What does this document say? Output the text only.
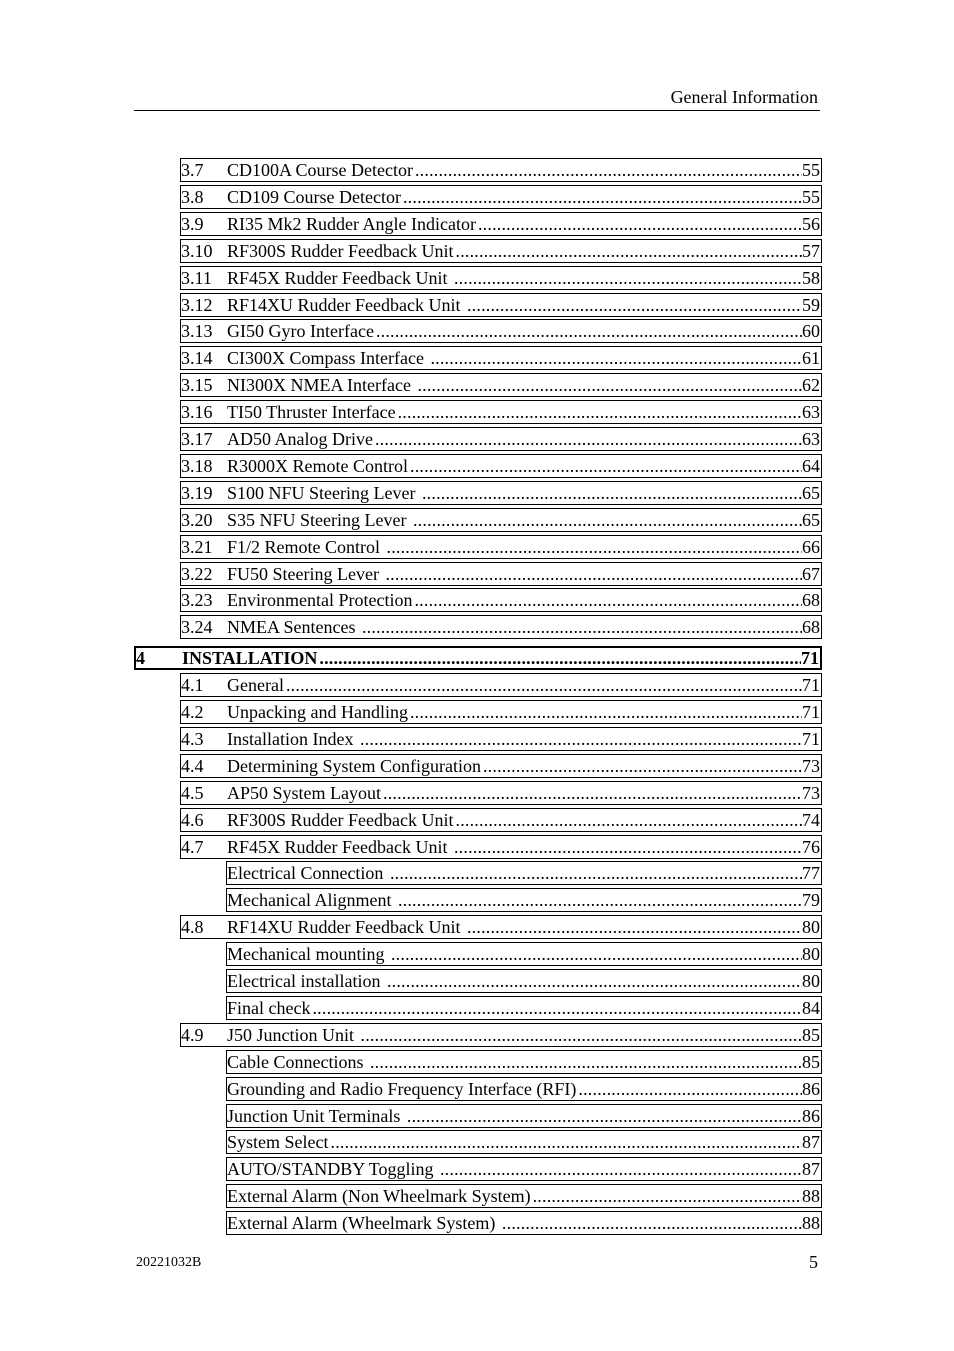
General Information
3.7	CD100A Course Detector .....	55
3.8	CD109 Course Detector .....	55
3.9	RI35 Mk2 Rudder Angle Indicator .....	56
3.10 RF300S Rudder Feedback Unit .....	57
3.11 RF45X Rudder Feedback Unit .....	58
3.12 RF14XU Rudder Feedback Unit .....	59
3.13 GI50 Gyro Interface .....	60
3.14 CI300X Compass Interface .....	61
3.15 NI300X NMEA Interface .....	62
3.16 TI50 Thruster Interface .....	63
3.17 AD50 Analog Drive .....	63
3.18 R3000X Remote Control .....	64
3.19 S100 NFU Steering Lever .....	65
3.20 S35 NFU Steering Lever .....	65
3.21 F1/2 Remote Control .....	66
3.22 FU50 Steering Lever .....	67
3.23 Environmental Protection .....	68
3.24 NMEA Sentences .....	68
4	INSTALLATION .....	71
4.1	General .....	71
4.2	Unpacking and Handling .....	71
4.3	Installation Index .....	71
4.4	Determining System Configuration .....	73
4.5	AP50 System Layout .....	73
4.6	RF300S Rudder Feedback Unit .....	74
4.7	RF45X Rudder Feedback Unit .....	76
Electrical Connection .....	77
Mechanical Alignment .....	79
4.8	RF14XU Rudder Feedback Unit .....	80
Mechanical mounting .....	80
Electrical installation .....	80
Final check .....	84
4.9	J50 Junction Unit .....	85
Cable Connections .....	85
Grounding and Radio Frequency Interface (RFI) .....	86
Junction Unit Terminals .....	86
System Select .....	87
AUTO/STANDBY Toggling .....	87
External Alarm (Non Wheelmark System) .....	88
External Alarm (Wheelmark System) .....	88
20221032B	5
